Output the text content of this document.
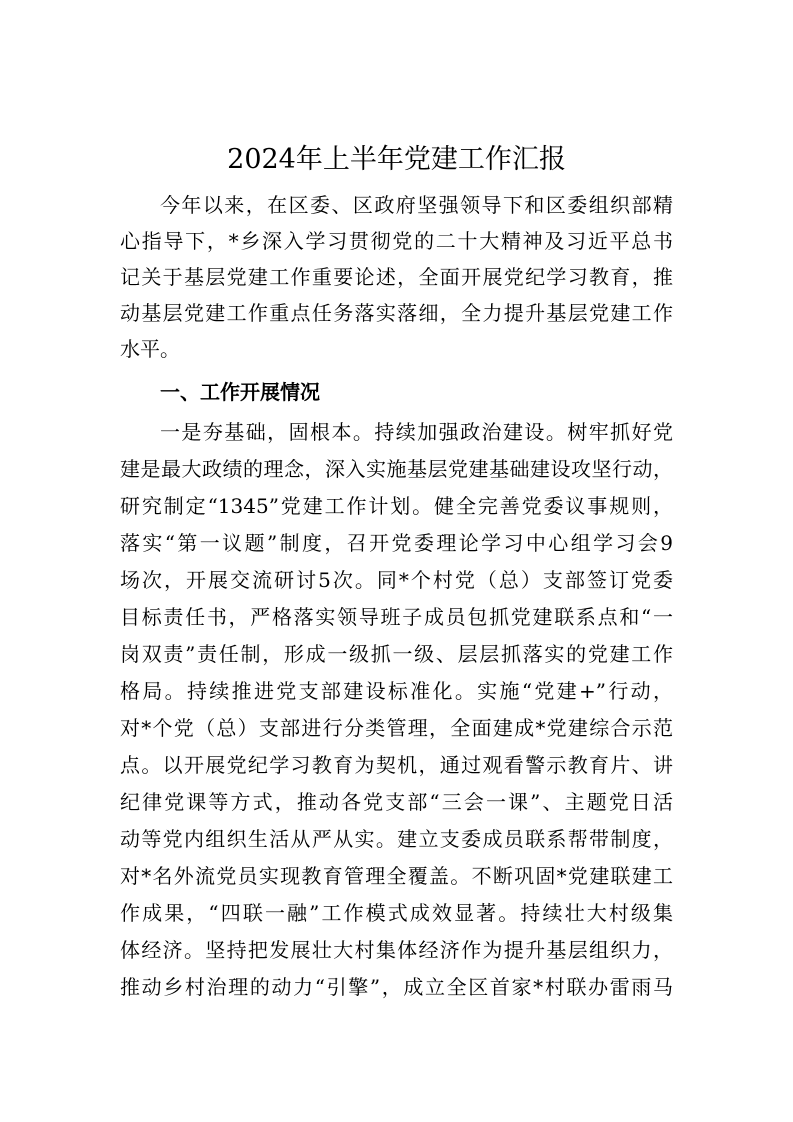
2024年上半年党建工作汇报
今年以来，在区委、区政府坚强领导下和区委组织部精
心指导下，*乡深入学习贯彻党的二十大精神及习近平总书
记关于基层党建工作重要论述，全面开展党纪学习教育，推
动基层党建工作重点任务落实落细，全力提升基层党建工作
水平。
一、工作开展情况
一是夯基础，固根本。持续加强政治建设。树牢抓好党
建是最大政绩的理念，深入实施基层党建基础建设攻坚行动，
研究制定“1345”党建工作计划。健全完善党委议事规则，
落实“第一议题”制度，召开党委理论学习中心组学习会9
场次，开展交流研讨5次。同*个村党（总）支部签订党委
目标责任书，严格落实领导班子成员包抓党建联系点和“一
岗双责”责任制，形成一级抓一级、层层抓落实的党建工作
格局。持续推进党支部建设标准化。实施“党建+”行动，
对*个党（总）支部进行分类管理，全面建成*党建综合示范
点。以开展党纪学习教育为契机，通过观看警示教育片、讲
纪律党课等方式，推动各党支部“三会一课”、主题党日活
动等党内组织生活从严从实。建立支委成员联系帮带制度，
对*名外流党员实现教育管理全覆盖。不断巩固*党建联建工
作成果，“四联一融”工作模式成效显著。持续壮大村级集
体经济。坚持把发展壮大村集体经济作为提升基层组织力，
推动乡村治理的动力“引擎”，成立全区首家*村联办雷雨马
